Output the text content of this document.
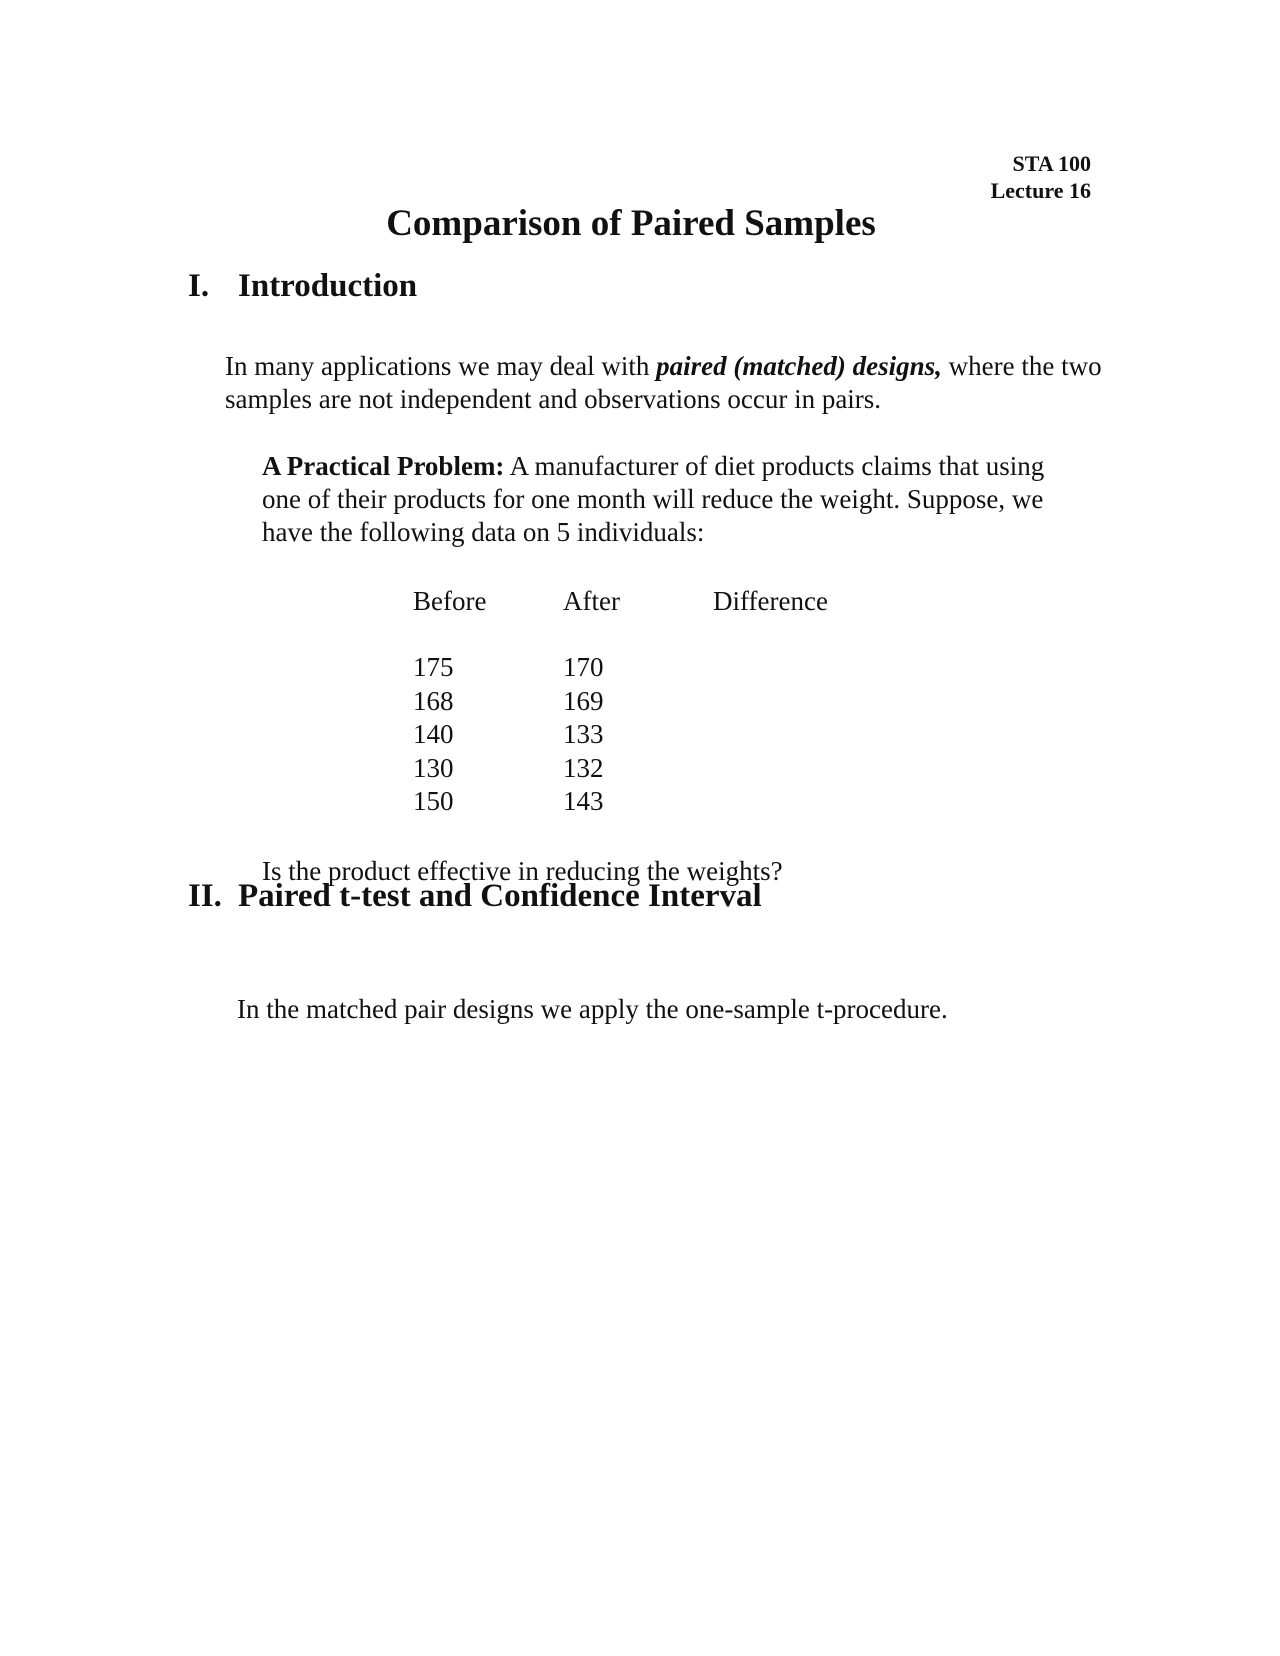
STA 100
Lecture 16
Comparison of Paired Samples
I. Introduction

In many applications we may deal with paired (matched) designs, where the two samples are not independent and observations occur in pairs.

A Practical Problem: A manufacturer of diet products claims that using one of their products for one month will reduce the weight. Suppose, we have the following data on 5 individuals:

Before
175
168
140
130
150
After
170
169
133
132
143
Difference

Is the product effective in reducing the weights?

II. Paired t-test and Confidence Interval

In the matched pair designs we apply the one-sample t-procedure.
